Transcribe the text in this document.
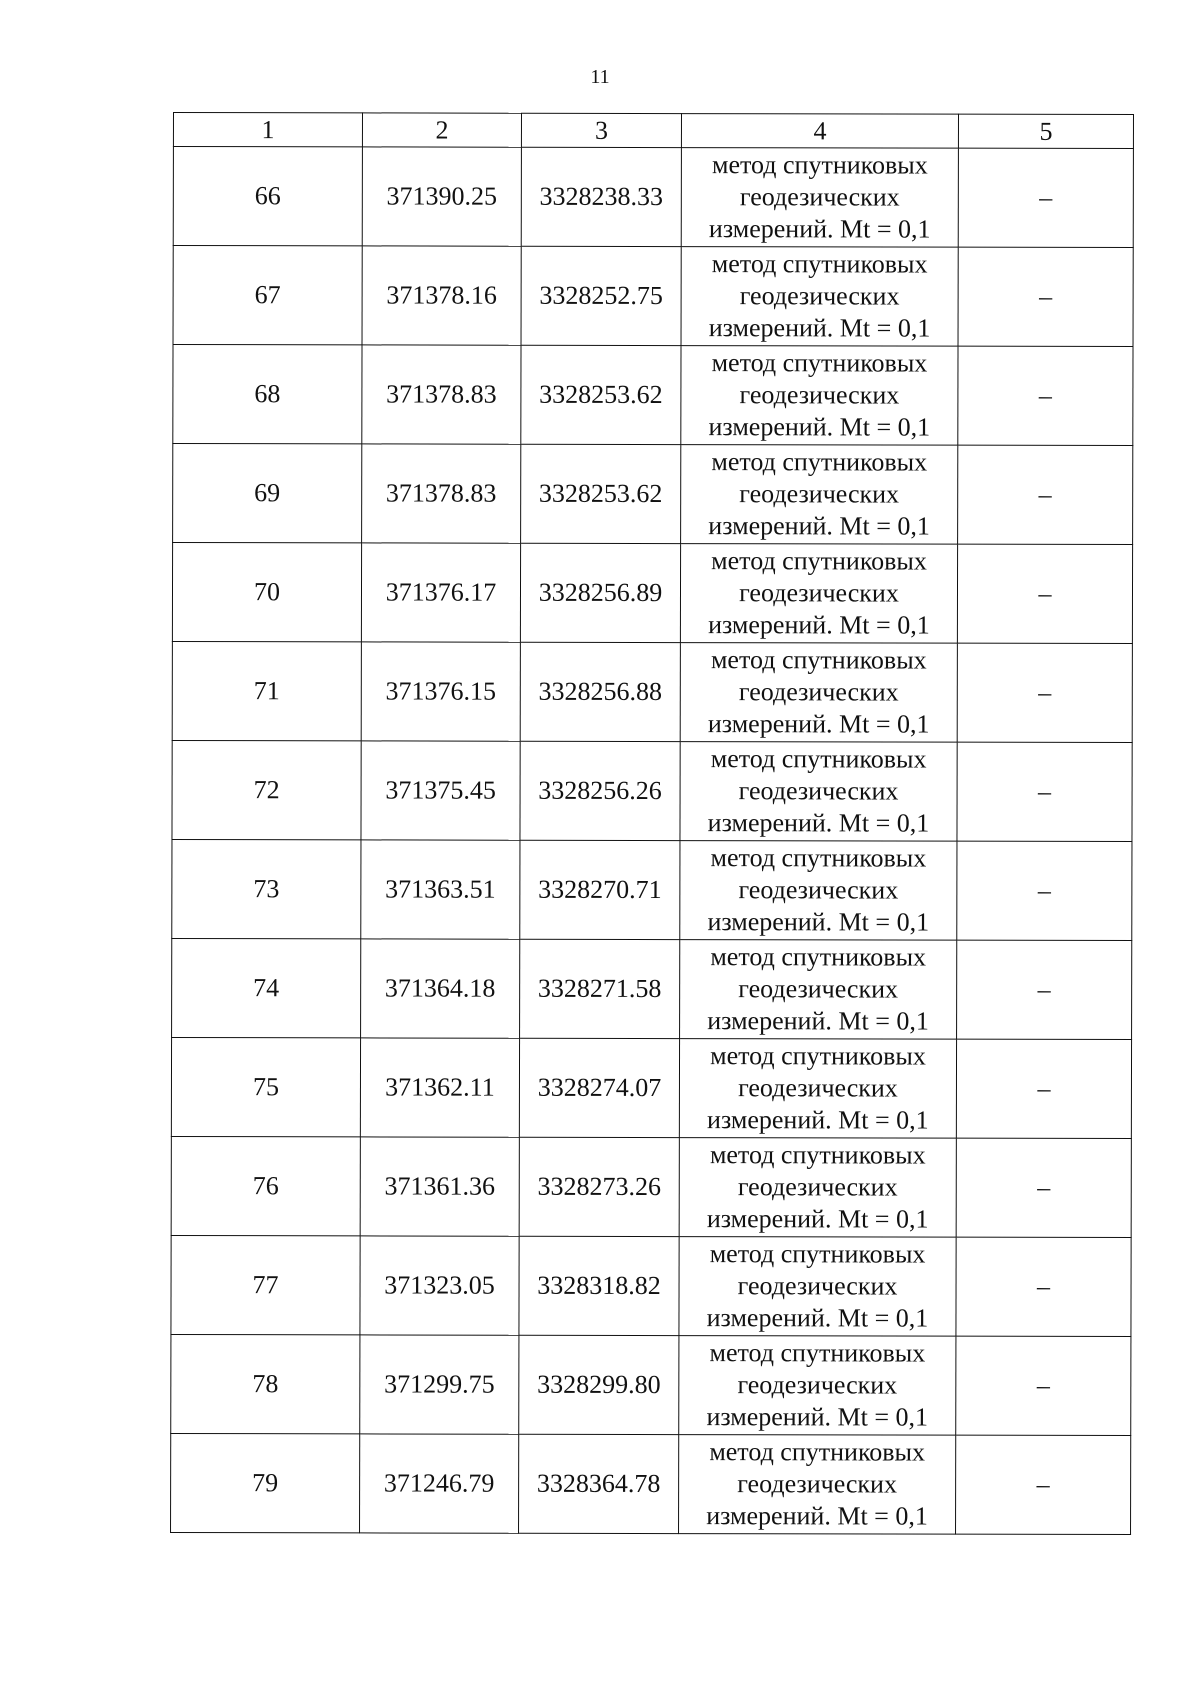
11
1	2	3	4	5
66	371390.25	3328238.33	метод спутниковых
геодезических
измерений. Mt = 0,1	–
67	371378.16	3328252.75	метод спутниковых
геодезических
измерений. Mt = 0,1	–
68	371378.83	3328253.62	метод спутниковых
геодезических
измерений. Mt = 0,1	–
69	371378.83	3328253.62	метод спутниковых
геодезических
измерений. Mt = 0,1	–
70	371376.17	3328256.89	метод спутниковых
геодезических
измерений. Mt = 0,1	–
71	371376.15	3328256.88	метод спутниковых
геодезических
измерений. Mt = 0,1	–
72	371375.45	3328256.26	метод спутниковых
геодезических
измерений. Mt = 0,1	–
73	371363.51	3328270.71	метод спутниковых
геодезических
измерений. Mt = 0,1	–
74	371364.18	3328271.58	метод спутниковых
геодезических
измерений. Mt = 0,1	–
75	371362.11	3328274.07	метод спутниковых
геодезических
измерений. Mt = 0,1	–
76	371361.36	3328273.26	метод спутниковых
геодезических
измерений. Mt = 0,1	–
77	371323.05	3328318.82	метод спутниковых
геодезических
измерений. Mt = 0,1	–
78	371299.75	3328299.80	метод спутниковых
геодезических
измерений. Mt = 0,1	–
79	371246.79	3328364.78	метод спутниковых
геодезических
измерений. Mt = 0,1	–
